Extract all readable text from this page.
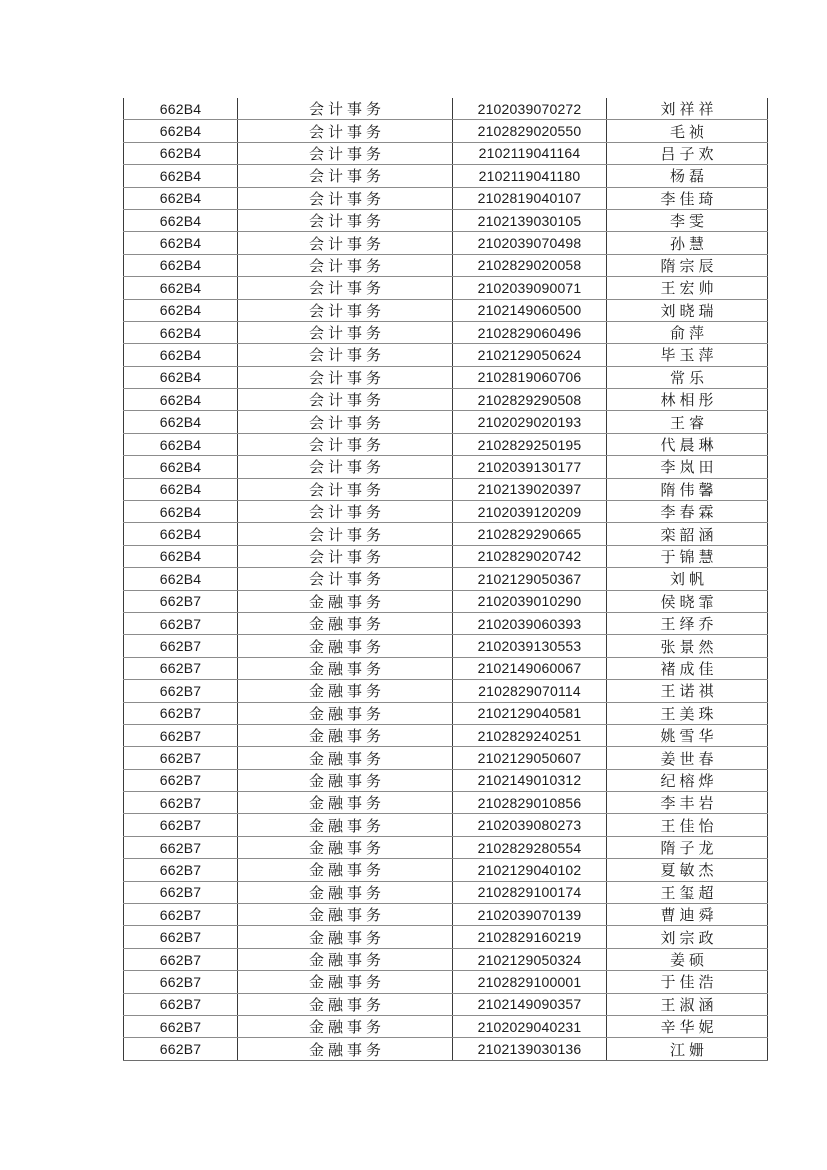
662B4	会计事务	2102039070272	刘祥祥
662B4	会计事务	2102829020550	毛祯
662B4	会计事务	2102119041164	吕子欢
662B4	会计事务	2102119041180	杨磊
662B4	会计事务	2102819040107	李佳琦
662B4	会计事务	2102139030105	李雯
662B4	会计事务	2102039070498	孙慧
662B4	会计事务	2102829020058	隋宗辰
662B4	会计事务	2102039090071	王宏帅
662B4	会计事务	2102149060500	刘晓瑞
662B4	会计事务	2102829060496	俞萍
662B4	会计事务	2102129050624	毕玉萍
662B4	会计事务	2102819060706	常乐
662B4	会计事务	2102829290508	林相彤
662B4	会计事务	2102029020193	王睿
662B4	会计事务	2102829250195	代晨琳
662B4	会计事务	2102039130177	李岚田
662B4	会计事务	2102139020397	隋伟馨
662B4	会计事务	2102039120209	李春霖
662B4	会计事务	2102829290665	栾韶涵
662B4	会计事务	2102829020742	于锦慧
662B4	会计事务	2102129050367	刘帆
662B7	金融事务	2102039010290	侯晓霏
662B7	金融事务	2102039060393	王绎乔
662B7	金融事务	2102039130553	张景然
662B7	金融事务	2102149060067	褚成佳
662B7	金融事务	2102829070114	王诺祺
662B7	金融事务	2102129040581	王美珠
662B7	金融事务	2102829240251	姚雪华
662B7	金融事务	2102129050607	姜世春
662B7	金融事务	2102149010312	纪榕烨
662B7	金融事务	2102829010856	李丰岩
662B7	金融事务	2102039080273	王佳怡
662B7	金融事务	2102829280554	隋子龙
662B7	金融事务	2102129040102	夏敏杰
662B7	金融事务	2102829100174	王玺超
662B7	金融事务	2102039070139	曹迪舜
662B7	金融事务	2102829160219	刘宗政
662B7	金融事务	2102129050324	姜硕
662B7	金融事务	2102829100001	于佳浩
662B7	金融事务	2102149090357	王淑涵
662B7	金融事务	2102029040231	辛华妮
662B7	金融事务	2102139030136	江姗
